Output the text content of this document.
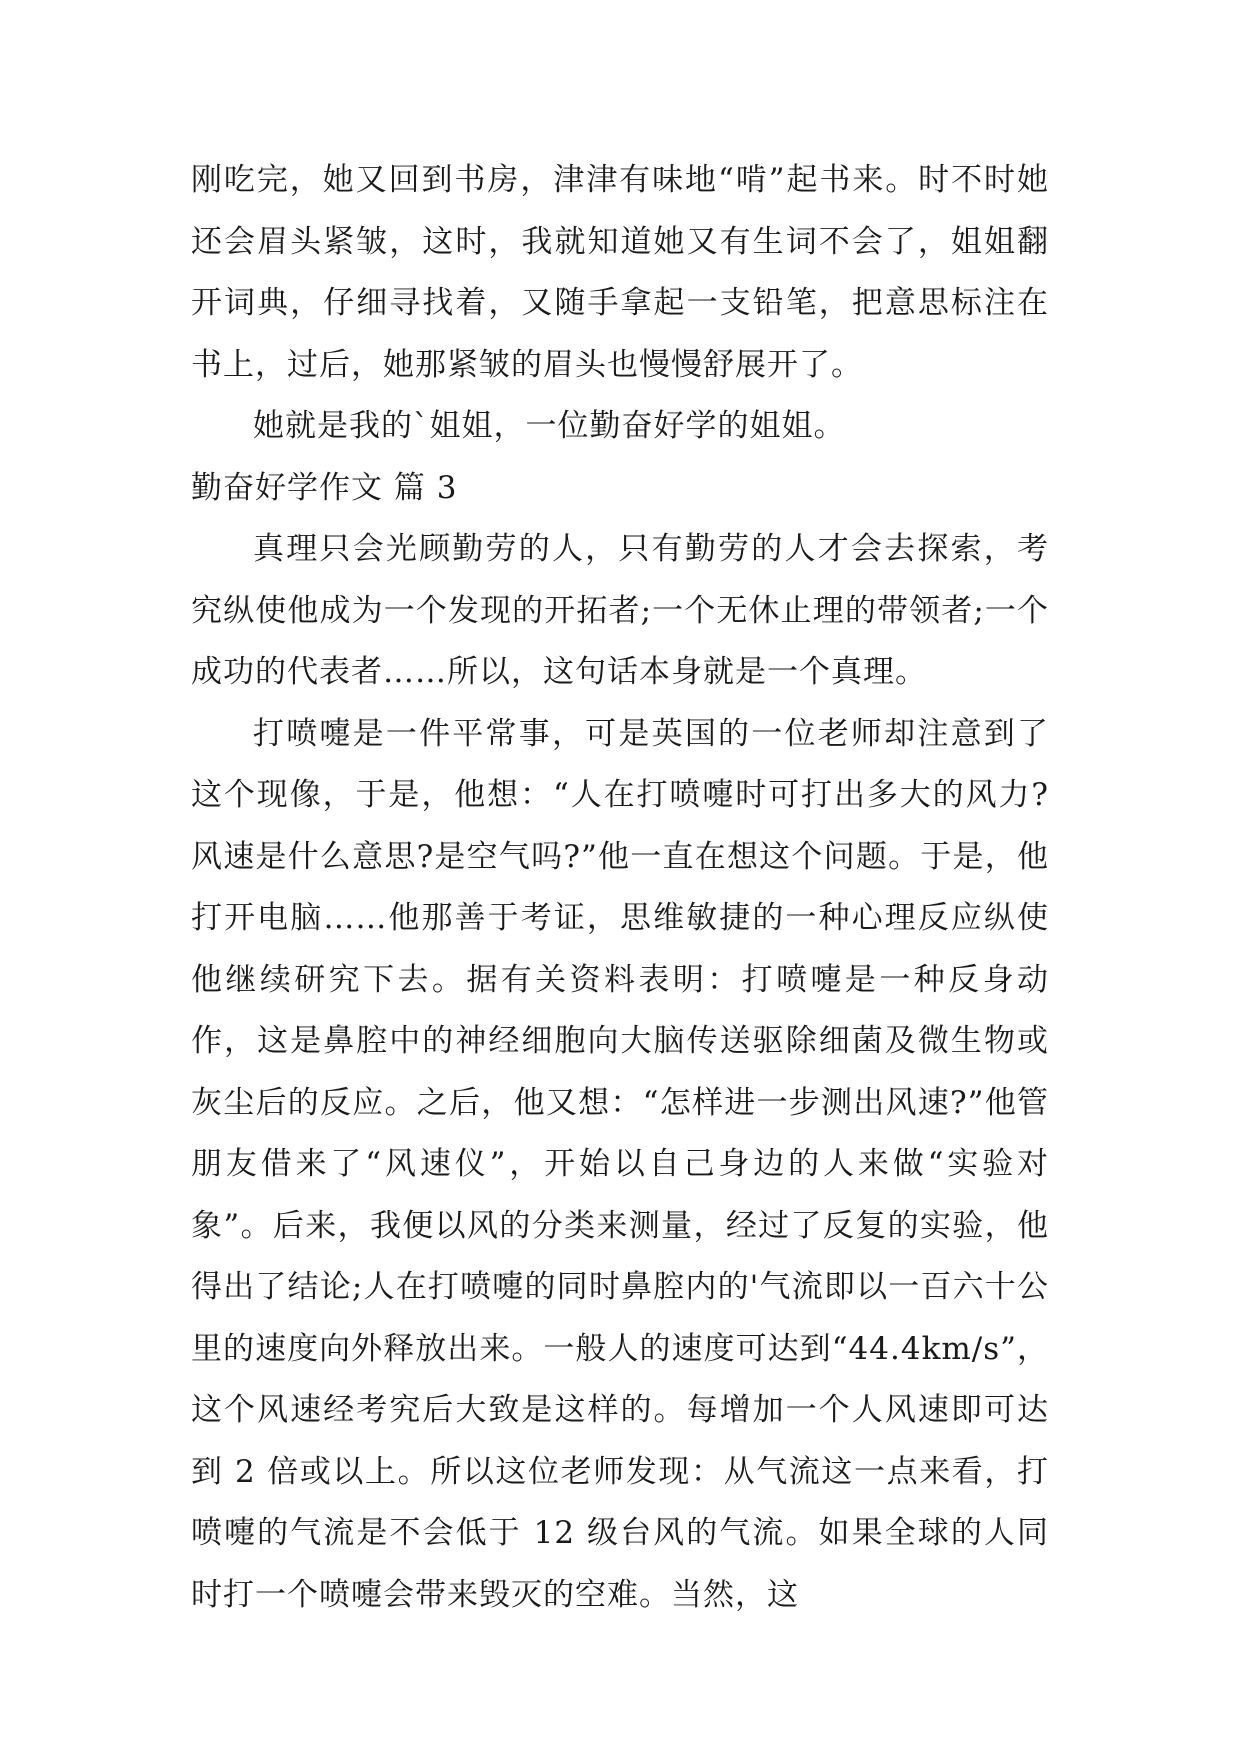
刚吃完，她又回到书房，津津有味地“啃”起书来。时不时她还会眉头紧皱，这时，我就知道她又有生词不会了，姐姐翻开词典，仔细寻找着，又随手拿起一支铅笔，把意思标注在书上，过后，她那紧皱的眉头也慢慢舒展开了。

她就是我的`姐姐，一位勤奋好学的姐姐。

勤奋好学作文 篇 3

真理只会光顾勤劳的人，只有勤劳的人才会去探索，考究纵使他成为一个发现的开拓者;一个无休止理的带领者;一个成功的代表者……所以，这句话本身就是一个真理。

打喷嚏是一件平常事，可是英国的一位老师却注意到了这个现像，于是，他想：“人在打喷嚏时可打出多大的风力?风速是什么意思?是空气吗?”他一直在想这个问题。于是，他打开电脑……他那善于考证，思维敏捷的一种心理反应纵使他继续研究下去。据有关资料表明：打喷嚏是一种反身动作，这是鼻腔中的神经细胞向大脑传送驱除细菌及微生物或灰尘后的反应。之后，他又想：“怎样进一步测出风速?”他管朋友借来了“风速仪”，开始以自己身边的人来做“实验对象”。后来，我便以风的分类来测量，经过了反复的实验，他得出了结论;人在打喷嚏的同时鼻腔内的'气流即以一百六十公里的速度向外释放出来。一般人的速度可达到“44.4km/s”，这个风速经考究后大致是这样的。每增加一个人风速即可达到 2 倍或以上。所以这位老师发现：从气流这一点来看，打喷嚏的气流是不会低于 12 级台风的气流。如果全球的人同时打一个喷嚏会带来毁灭的空难。当然，这
